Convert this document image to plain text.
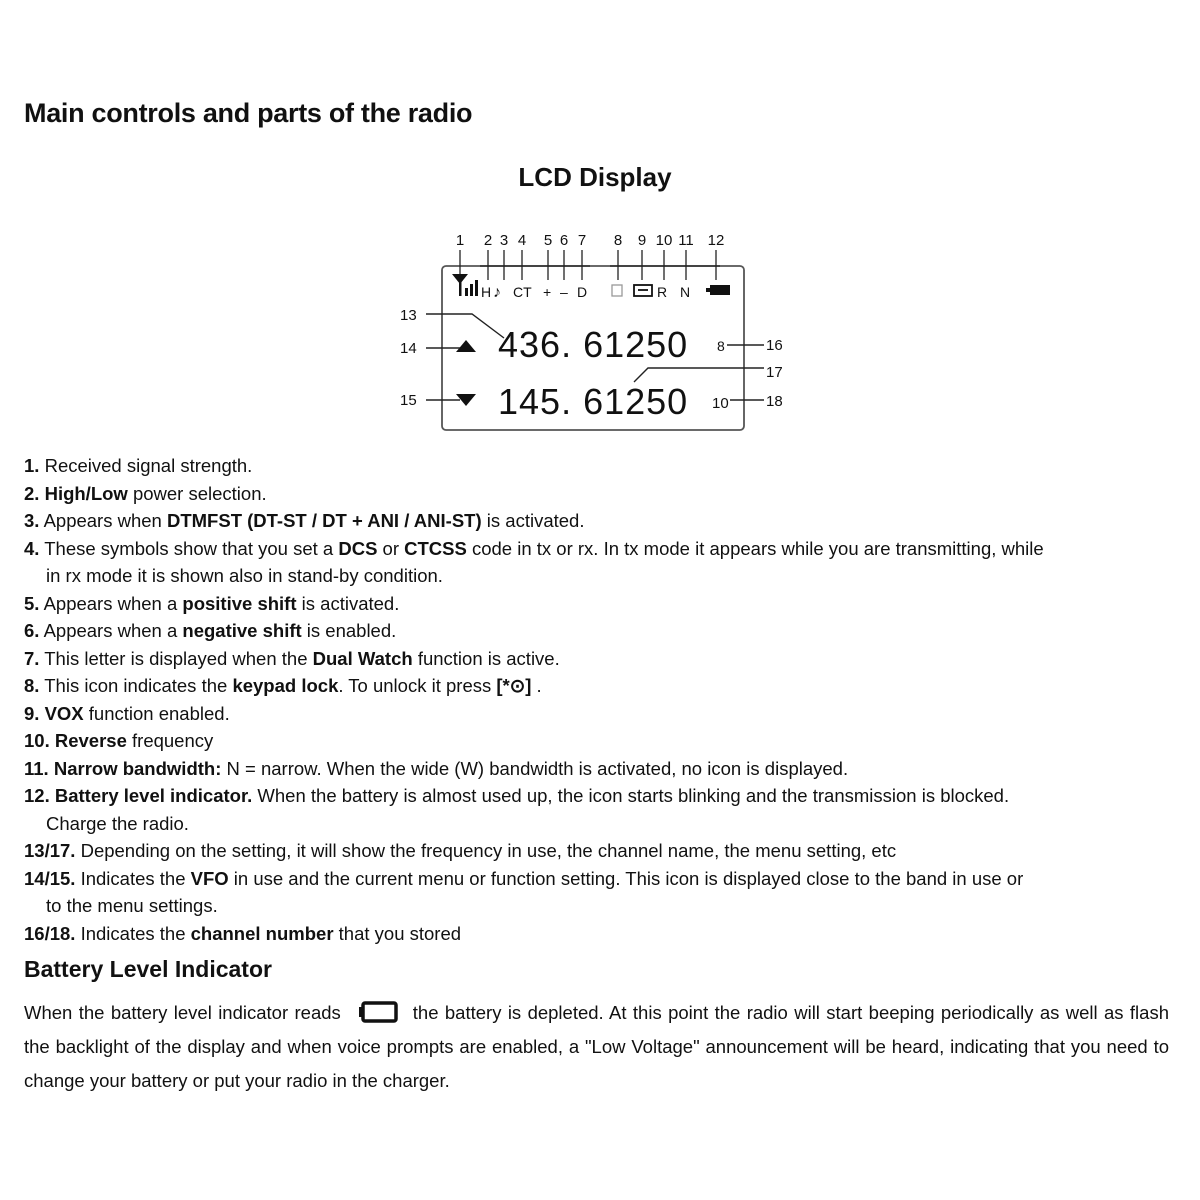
Main controls and parts of the radio
LCD Display
1 2 3 4 5 6 7 8 9 10 11 12
H ♪ CT + – D	R N
436. 61250
145. 61250
8
10
13
14
15
16
17
18
1. Received signal strength.
2. High/Low power selection.
3. Appears when DTMFST (DT-ST / DT + ANI / ANI-ST) is activated.
4. These symbols show that you set a DCS or CTCSS code in tx or rx. In tx mode it appears while you are transmitting, while
in rx mode it is shown also in stand-by condition.
5. Appears when a positive shift is activated.
6. Appears when a negative shift is enabled.
7. This letter is displayed when the Dual Watch function is active.
8. This icon indicates the keypad lock. To unlock it press [*⊙] .
9. VOX function enabled.
10. Reverse frequency
11. Narrow bandwidth: N = narrow. When the wide (W) bandwidth is activated, no icon is displayed.
12. Battery level indicator. When the battery is almost used up, the icon starts blinking and the transmission is blocked.
Charge the radio.
13/17. Depending on the setting, it will show the frequency in use, the channel name, the menu setting, etc
14/15. Indicates the VFO in use and the current menu or function setting. This icon is displayed close to the band in use or
to the menu settings.
16/18. Indicates the channel number that you stored
Battery Level Indicator
When the battery level indicator reads	the battery is depleted. At this point the radio will start beeping periodically as well as flash the backlight of the display and when voice prompts are enabled, a "Low Voltage" announcement will be heard, indicating that you need to change your battery or put your radio in the charger.
